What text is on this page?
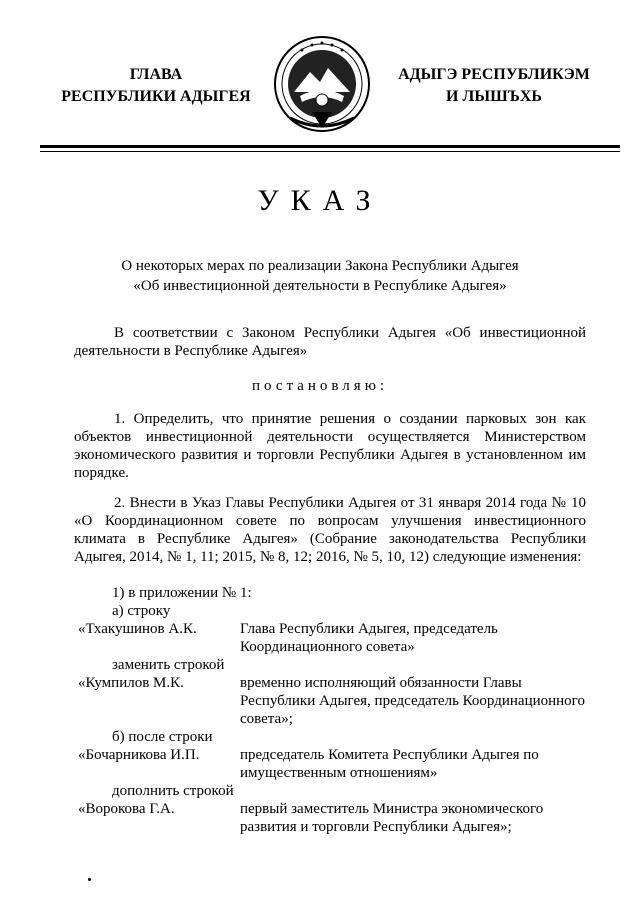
ГЛАВА
РЕСПУБЛИКИ АДЫГЕЯ
АДЫГЭ РЕСПУБЛИКЭМ
И ЛЫШЪХЬ
УКАЗ
О некоторых мерах по реализации Закона Республики Адыгея
«Об инвестиционной деятельности в Республике Адыгея»
В соответствии с Законом Республики Адыгея «Об инвестиционной деятельности в Республике Адыгея»
постановляю:
1. Определить, что принятие решения о создании парковых зон как объектов инвестиционной деятельности осуществляется Министерством экономического развития и торговли Республики Адыгея в установленном им порядке.
2. Внести в Указ Главы Республики Адыгея от 31 января 2014 года № 10 «О Координационном совете по вопросам улучшения инвестиционного климата в Республике Адыгея» (Собрание законодательства Республики Адыгея, 2014, № 1, 11; 2015, № 8, 12; 2016, № 5, 10, 12) следующие изменения:
1) в приложении № 1:
а) строку
«Тхакушинов А.К.	Глава Республики Адыгея, председатель Координационного совета»
заменить строкой
«Кумпилов М.К.	временно исполняющий обязанности Главы Республики Адыгея, председатель Координационного совета»;
б) после строки
«Бочарникова И.П.	председатель Комитета Республики Адыгея по имущественным отношениям»
дополнить строкой
«Ворокова Г.А.	первый заместитель Министра экономического развития и торговли Республики Адыгея»;
